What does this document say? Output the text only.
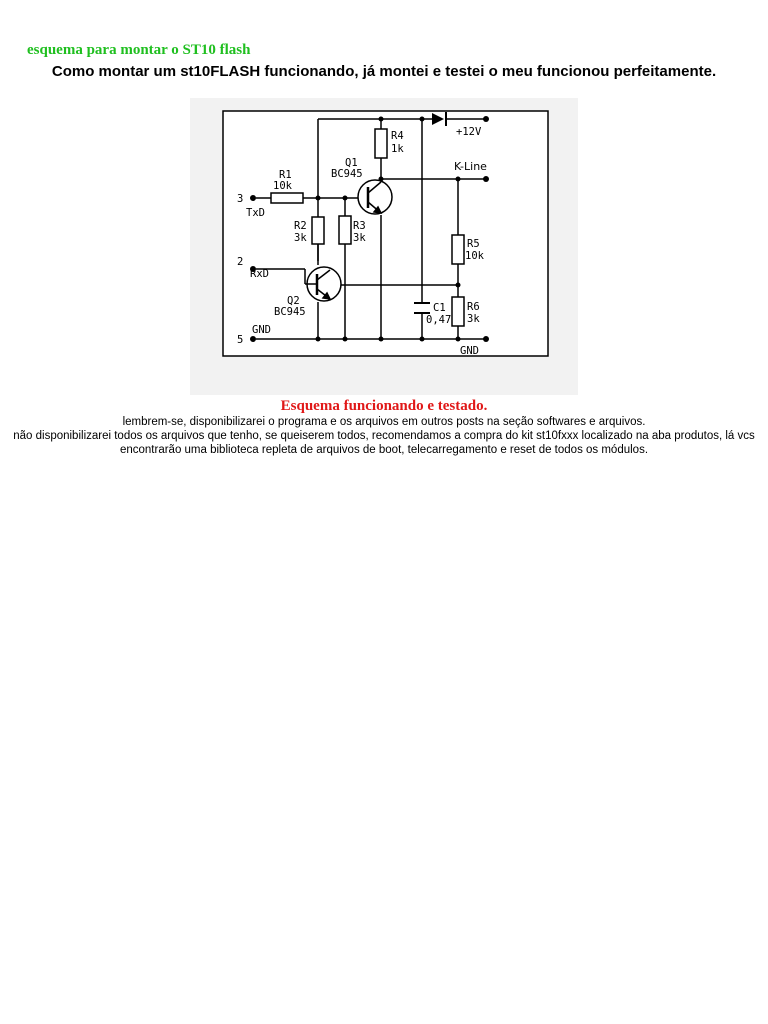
esquema para montar o ST10 flash
Como montar um st10FLASH funcionando, já montei e testei o meu funcionou perfeitamente.
3
TxD
2
RxD
5
GND
+12V
K-Line
GND
R1
10k
R2
3k
R3
3k
R4
1k
R5
10k
R6
3k
C1
0,47
Q1
BC945
Q2
BC945
Esquema funcionando e testado.
lembrem-se, disponibilizarei o programa e os arquivos em outros posts na seção softwares e arquivos.
não disponibilizarei todos os arquivos que tenho, se queiserem todos, recomendamos a compra do kit st10fxxx localizado na aba produtos, lá vcs encontrarão uma biblioteca repleta de arquivos de boot, telecarregamento e reset de todos os módulos.
